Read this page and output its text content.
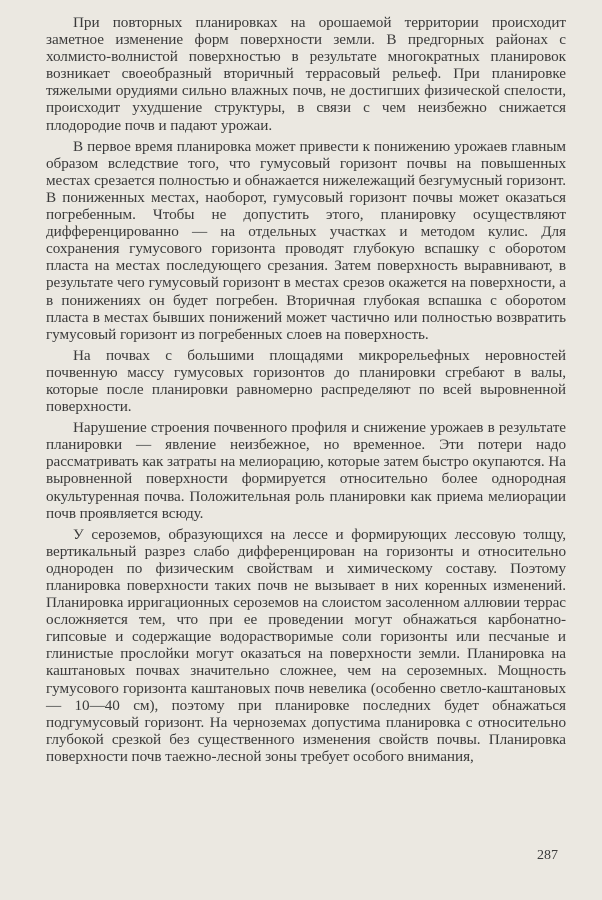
При повторных планировках на орошаемой территории происходит заметное изменение форм поверхности земли. В предгорных районах с холмисто-волнистой поверхностью в результате многократных планировок возникает своеобразный вторичный террасовый рельеф. При планировке тяжелыми орудиями сильно влажных почв, не достигших физической спелости, происходит ухудшение структуры, в связи с чем неизбежно снижается плодородие почв и падают урожаи.

В первое время планировка может привести к понижению урожаев главным образом вследствие того, что гумусовый горизонт почвы на повышенных местах срезается полностью и обнажается нижележащий безгумусный горизонт. В пониженных местах, наоборот, гумусовый горизонт почвы может оказаться погребенным. Чтобы не допустить этого, планировку осуществляют дифференцированно — на отдельных участках и методом кулис. Для сохранения гумусового горизонта проводят глубокую вспашку с оборотом пласта на местах последующего срезания. Затем поверхность выравнивают, в результате чего гумусовый горизонт в местах срезов окажется на поверхности, а в понижениях он будет погребен. Вторичная глубокая вспашка с оборотом пласта в местах бывших понижений может частично или полностью возвратить гумусовый горизонт из погребенных слоев на поверхность.

На почвах с большими площадями микрорельефных неровностей почвенную массу гумусовых горизонтов до планировки сгребают в валы, которые после планировки равномерно распределяют по всей выровненной поверхности.

Нарушение строения почвенного профиля и снижение урожаев в результате планировки — явление неизбежное, но временное. Эти потери надо рассматривать как затраты на мелиорацию, которые затем быстро окупаются. На выровненной поверхности формируется относительно более однородная окультуренная почва. Положительная роль планировки как приема мелиорации почв проявляется всюду.

У сероземов, образующихся на лессе и формирующих лессовую толщу, вертикальный разрез слабо дифференцирован на горизонты и относительно однороден по физическим свойствам и химическому составу. Поэтому планировка поверхности таких почв не вызывает в них коренных изменений. Планировка ирригационных сероземов на слоистом засоленном аллювии террас осложняется тем, что при ее проведении могут обнажаться карбонатно-гипсовые и содержащие водорастворимые соли горизонты или песчаные и глинистые прослойки могут оказаться на поверхности земли. Планировка на каштановых почвах значительно сложнее, чем на сероземных. Мощность гумусового горизонта каштановых почв невелика (особенно светло-каштановых — 10—40 см), поэтому при планировке последних будет обнажаться подгумусовый горизонт. На черноземах допустима планировка с относительно глубокой срезкой без существенного изменения свойств почвы. Планировка поверхности почв таежно-лесной зоны требует особого внимания,

287
